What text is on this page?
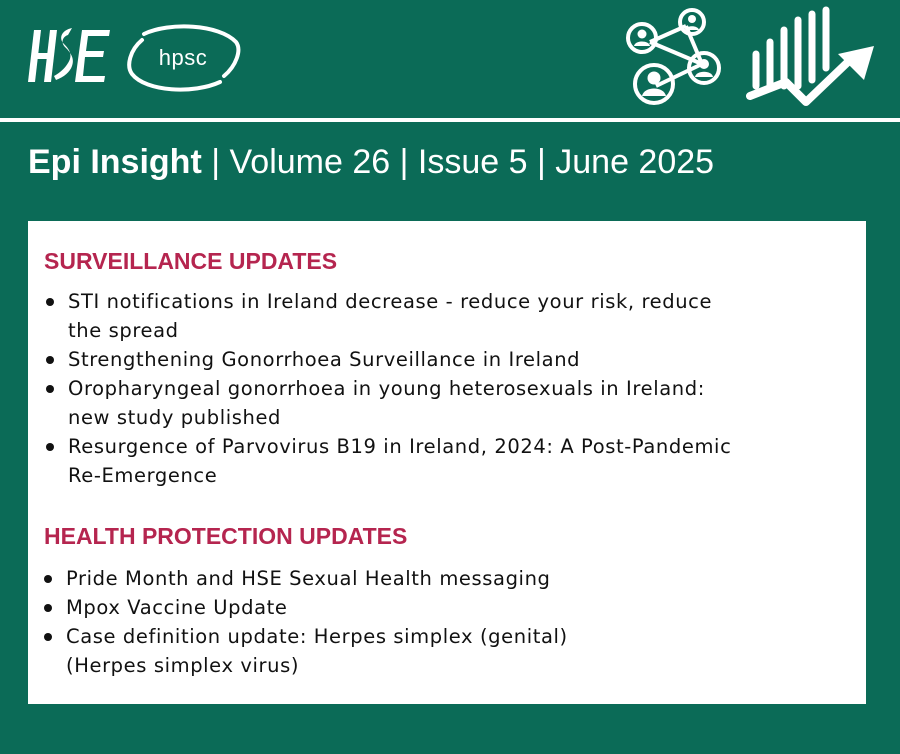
hpsc
Epi Insight | Volume 26 | Issue 5 | June 2025
SURVEILLANCE UPDATES
STI notifications in Ireland decrease - reduce your risk, reduce
the spread
Strengthening Gonorrhoea Surveillance in Ireland
Oropharyngeal gonorrhoea in young heterosexuals in Ireland:
new study published
Resurgence of Parvovirus B19 in Ireland, 2024: A Post-Pandemic
Re-Emergence
HEALTH PROTECTION UPDATES
Pride Month and HSE Sexual Health messaging
Mpox Vaccine Update
Case definition update: Herpes simplex (genital)
(Herpes simplex virus)
